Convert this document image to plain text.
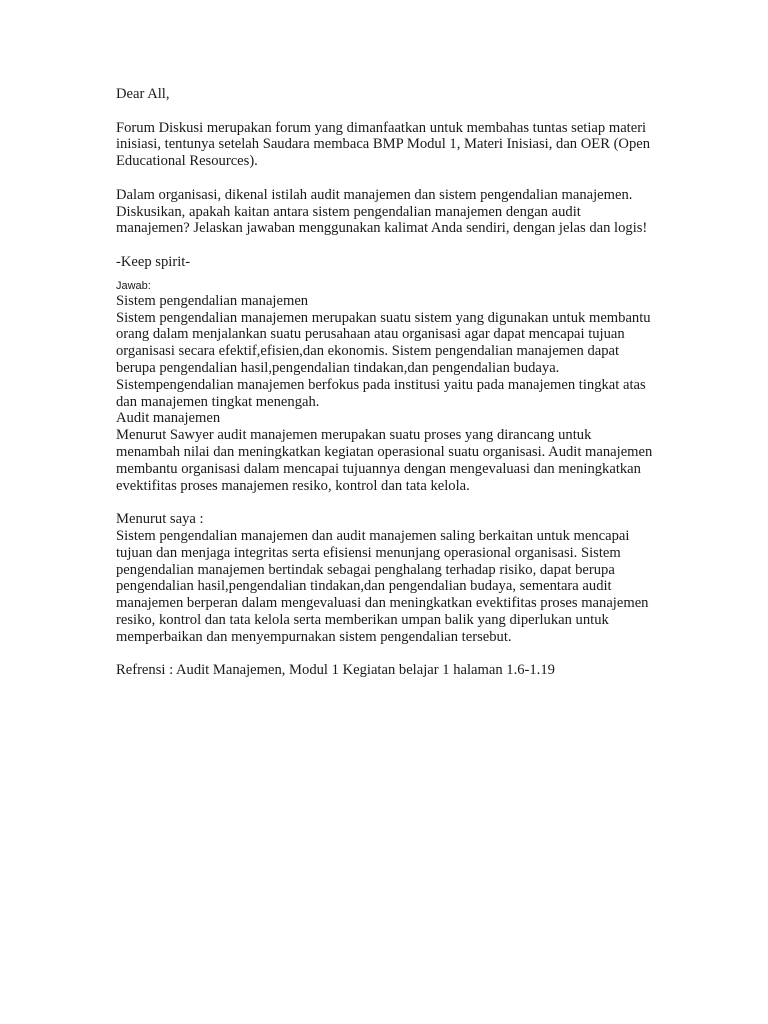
Dear All,

Forum Diskusi merupakan forum yang dimanfaatkan untuk membahas tuntas setiap materi inisiasi, tentunya setelah Saudara membaca BMP Modul 1, Materi Inisiasi, dan OER (Open Educational Resources).

Dalam organisasi, dikenal istilah audit manajemen dan sistem pengendalian manajemen. Diskusikan, apakah kaitan antara sistem pengendalian manajemen dengan audit manajemen? Jelaskan jawaban menggunakan kalimat Anda sendiri, dengan jelas dan logis!

-Keep spirit-

Jawab:

Sistem pengendalian manajemen

Sistem pengendalian manajemen merupakan suatu sistem yang digunakan untuk membantu orang dalam menjalankan suatu perusahaan atau organisasi agar dapat mencapai tujuan organisasi secara efektif,efisien,dan ekonomis. Sistem pengendalian manajemen dapat berupa pengendalian hasil,pengendalian tindakan,dan pengendalian budaya. Sistempengendalian manajemen berfokus pada institusi yaitu pada manajemen tingkat atas dan manajemen tingkat menengah.

Audit manajemen

Menurut Sawyer audit manajemen merupakan suatu proses yang dirancang untuk menambah nilai dan meningkatkan kegiatan operasional suatu organisasi. Audit manajemen membantu organisasi dalam mencapai tujuannya dengan mengevaluasi dan meningkatkan evektifitas proses manajemen resiko, kontrol dan tata kelola.

Menurut saya :

Sistem pengendalian manajemen dan audit manajemen saling berkaitan untuk mencapai tujuan dan menjaga integritas serta efisiensi menunjang operasional organisasi. Sistem pengendalian manajemen bertindak sebagai penghalang terhadap risiko, dapat berupa pengendalian hasil,pengendalian tindakan,dan pengendalian budaya, sementara audit manajemen berperan dalam mengevaluasi dan meningkatkan evektifitas proses manajemen resiko, kontrol dan tata kelola serta memberikan umpan balik yang diperlukan untuk memperbaikan dan menyempurnakan sistem pengendalian tersebut.

Refrensi : Audit Manajemen, Modul 1 Kegiatan belajar 1 halaman 1.6-1.19
